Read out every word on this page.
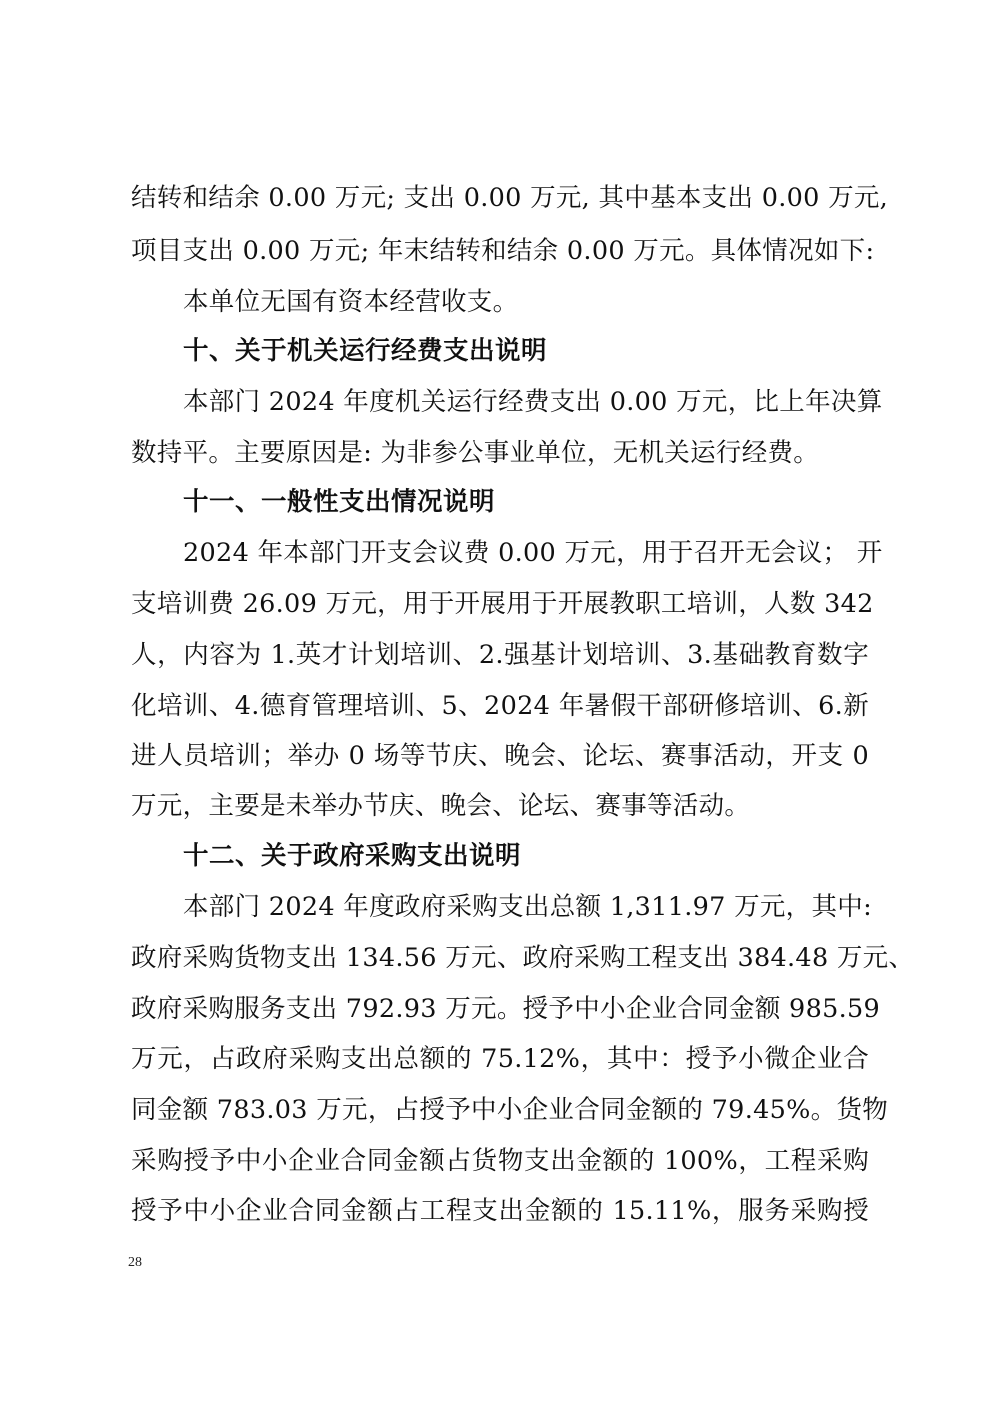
结转和结余 0.00 万元; 支出 0.00 万元, 其中基本支出 0.00 万元,
项目支出 0.00 万元; 年末结转和结余 0.00 万元。具体情况如下:
本单位无国有资本经营收支。
十、关于机关运行经费支出说明
本部门 2024 年度机关运行经费支出 0.00 万元，比上年决算
数持平。主要原因是: 为非参公事业单位，无机关运行经费。
十一、一般性支出情况说明
2024 年本部门开支会议费 0.00 万元，用于召开无会议； 开
支培训费 26.09 万元，用于开展用于开展教职工培训，人数 342
人，内容为 1.英才计划培训、2.强基计划培训、3.基础教育数字
化培训、4.德育管理培训、5、2024 年暑假干部研修培训、6.新
进人员培训；举办 0 场等节庆、晚会、论坛、赛事活动，开支 0
万元，主要是未举办节庆、晚会、论坛、赛事等活动。
十二、关于政府采购支出说明
本部门 2024 年度政府采购支出总额 1,311.97 万元，其中:
政府采购货物支出 134.56 万元、政府采购工程支出 384.48 万元、
政府采购服务支出 792.93 万元。授予中小企业合同金额 985.59
万元，占政府采购支出总额的 75.12%，其中：授予小微企业合
同金额 783.03 万元，占授予中小企业合同金额的 79.45%。货物
采购授予中小企业合同金额占货物支出金额的 100%，工程采购
授予中小企业合同金额占工程支出金额的 15.11%，服务采购授
28
